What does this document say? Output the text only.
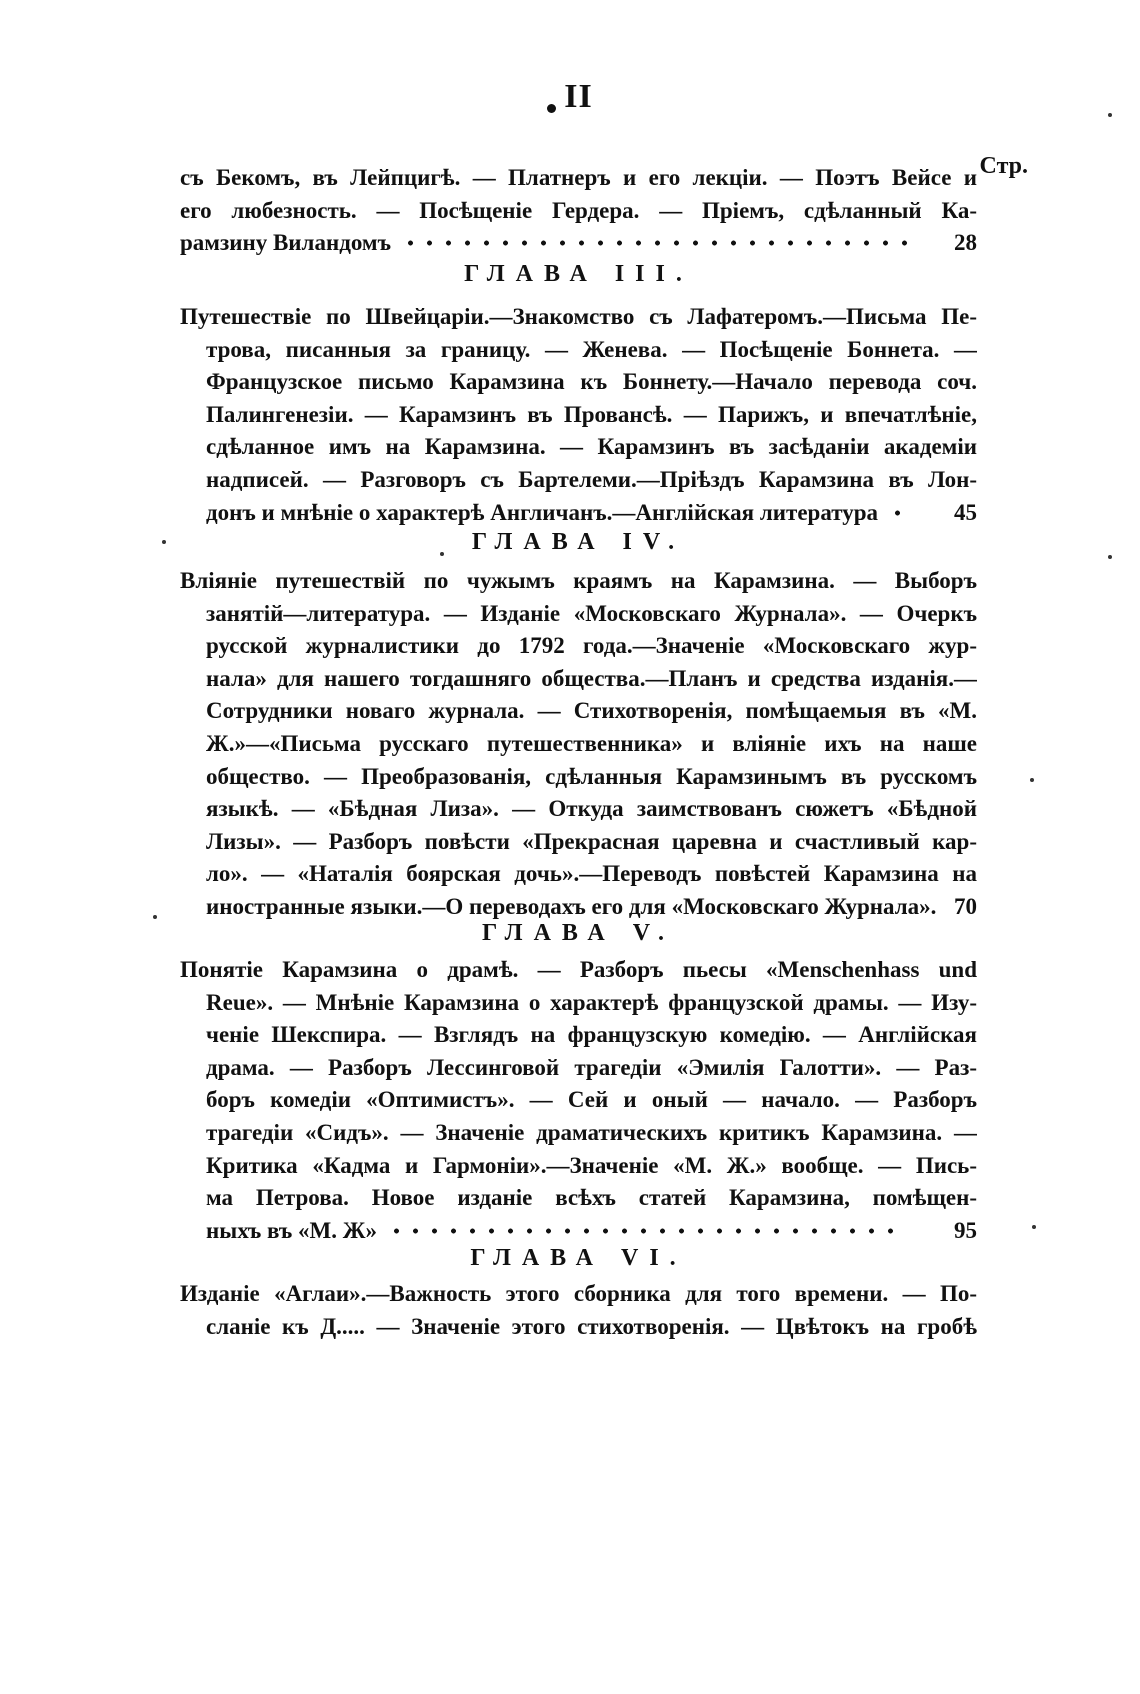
II
Стр.
съ Бекомъ, въ Лейпцигѣ. — Платнеръ и его лекціи. — Поэтъ Вейсе и
его любезность. — Посѣщеніе Гердера. — Пріемъ, сдѣланный Ка-
рамзину Виландомъ	28
ГЛАВА III.
Путешествіе по Швейцаріи.—Знакомство съ Лафатеромъ.—Письма Пе-
трова, писанныя за границу. — Женева. — Посѣщеніе Боннета. —
Французское письмо Карамзина къ Боннету.—Начало перевода соч.
Палингенезіи. — Карамзинъ въ Провансѣ. — Парижъ, и впечатлѣніе,
сдѣланное имъ на Карамзина. — Карамзинъ въ засѣданіи академіи
надписей. — Разговоръ съ Бартелеми.—Пріѣздъ Карамзина въ Лон-
донъ и мнѣніе о характерѣ Англичанъ.—Англійская литература	45
ГЛАВА IV.
Вліяніе путешествій по чужымъ краямъ на Карамзина. — Выборъ
занятій—литература. — Изданіе «Московскаго Журнала». — Очеркъ
русской журналистики до 1792 года.—Значеніе «Московскаго жур-
нала» для нашего тогдашняго общества.—Планъ и средства изданія.—
Сотрудники новаго журнала. — Стихотворенія, помѣщаемыя въ «М.
Ж.»—«Письма русскаго путешественника» и вліяніе ихъ на наше
общество. — Преобразованія, сдѣланныя Карамзинымъ въ русскомъ
языкѣ. — «Бѣдная Лиза». — Откуда заимствованъ сюжетъ «Бѣдной
Лизы». — Разборъ повѣсти «Прекрасная царевна и счастливый кар-
ло». — «Наталія боярская дочь».—Переводъ повѣстей Карамзина на
иностранные языки.—О переводахъ его для «Московскаго Журнала». 70
ГЛАВА V.
Понятіе Карамзина о драмѣ. — Разборъ пьесы «Menschenhass und
Reue». — Мнѣніе Карамзина о характерѣ французской драмы. — Изу-
ченіе Шекспира. — Взглядъ на французскую комедію. — Англійская
драма. — Разборъ Лессинговой трагедіи «Эмилія Галотти». — Раз-
боръ комедіи «Оптимистъ». — Сей и оный — начало. — Разборъ
трагедіи «Сидъ». — Значеніе драматическихъ критикъ Карамзина. —
Критика «Кадма и Гармоніи».—Значеніе «М. Ж.» вообще. — Пись-
ма Петрова. Новое изданіе всѣхъ статей Карамзина, помѣщен-
ныхъ въ «М. Ж»	95
ГЛАВА VI.
Изданіе «Аглаи».—Важность этого сборника для того времени. — По-
сланіе къ Д..... — Значеніе этого стихотворенія. — Цвѣтокъ на гробѣ
